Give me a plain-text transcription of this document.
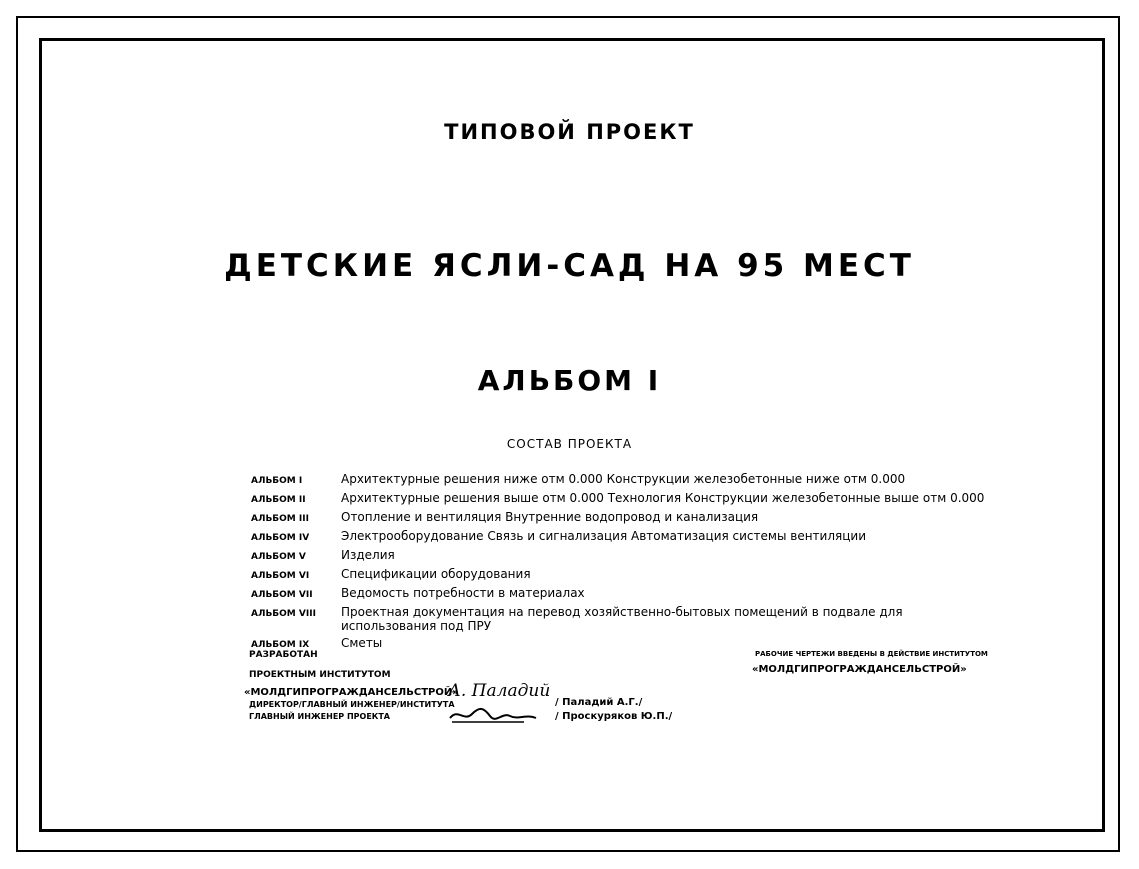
ТИПОВОЙ ПРОЕКТ
ДЕТСКИЕ ЯСЛИ-САД НА 95 МЕСТ
АЛЬБОМ I
СОСТАВ ПРОЕКТА
АЛЬБОМ I	Архитектурные решения ниже отм 0.000 Конструкции железобетонные ниже отм 0.000
АЛЬБОМ II	Архитектурные решения выше отм 0.000 Технология Конструкции железобетонные выше отм 0.000
АЛЬБОМ III	Отопление и вентиляция Внутренние водопровод и канализация
АЛЬБОМ IV	Электрооборудование Связь и сигнализация Автоматизация системы вентиляции
АЛЬБОМ V	Изделия
АЛЬБОМ VI	Спецификации оборудования
АЛЬБОМ VII	Ведомость потребности в материалах
АЛЬБОМ VIII	Проектная документация на перевод хозяйственно-бытовых помещений в подвале для использования под ПРУ
АЛЬБОМ IX	Сметы
РАЗРАБОТАН
ПРОЕКТНЫМ ИНСТИТУТОМ
«МОЛДГИПРОГРАЖДАНСЕЛЬСТРОЙ»
ДИРЕКТОР/ГЛАВНЫЙ ИНЖЕНЕР/ИНСТИТУТА
ГЛАВНЫЙ ИНЖЕНЕР ПРОЕКТА
А. Паладий
/ Паладий А.Г./
/ Проскуряков Ю.П./
РАБОЧИЕ ЧЕРТЕЖИ ВВЕДЕНЫ В ДЕЙСТВИЕ ИНСТИТУТОМ
«МОЛДГИПРОГРАЖДАНСЕЛЬСТРОЙ»
